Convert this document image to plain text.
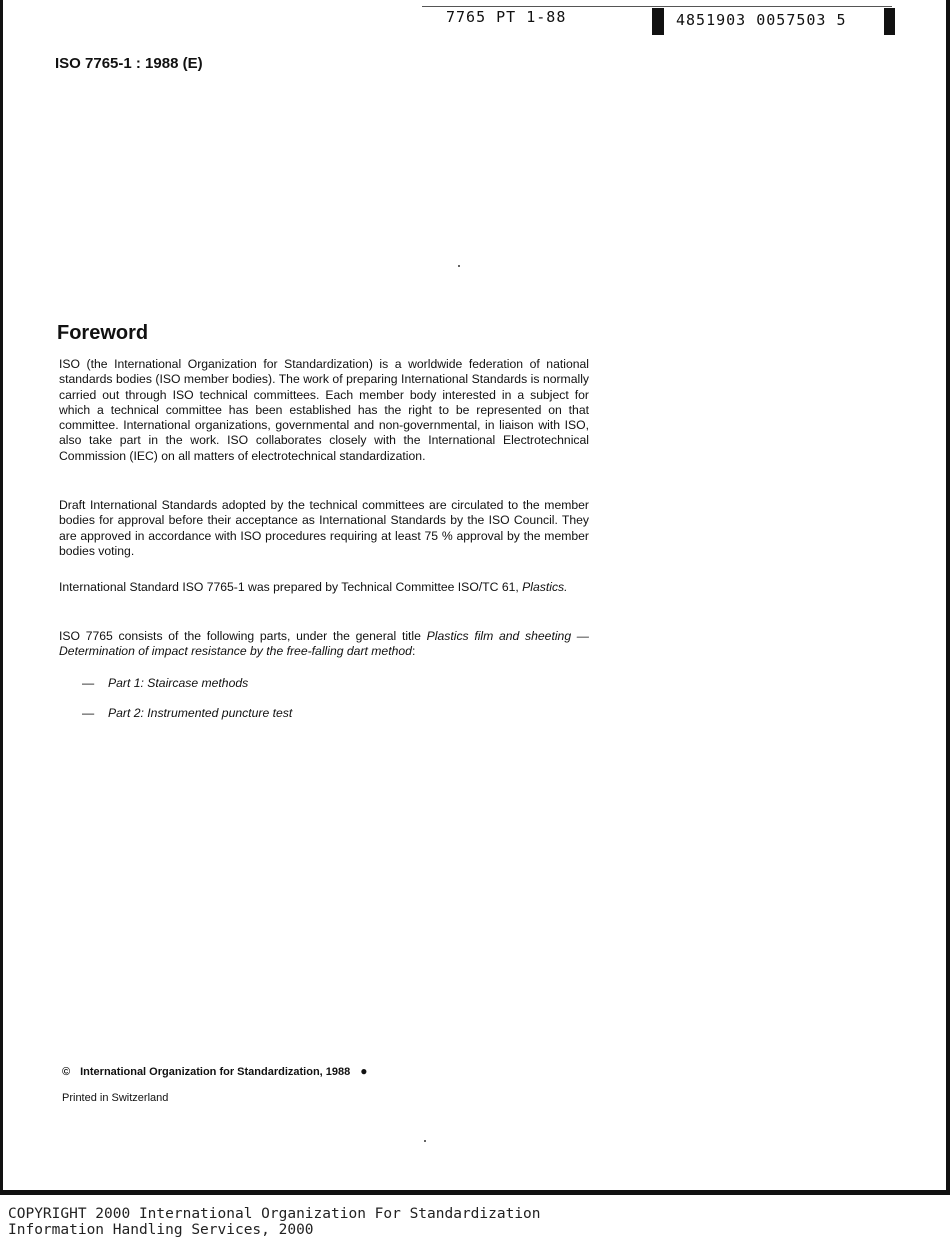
7765 PT 1-88	4851903 0057503 5
ISO 7765-1 : 1988 (E)
Foreword

ISO (the International Organization for Standardization) is a worldwide federation of national standards bodies (ISO member bodies). The work of preparing International Standards is normally carried out through ISO technical committees. Each member body interested in a subject for which a technical committee has been established has the right to be represented on that committee. International organizations, governmental and non-governmental, in liaison with ISO, also take part in the work. ISO collaborates closely with the International Electrotechnical Commission (IEC) on all matters of electrotechnical standardization.

Draft International Standards adopted by the technical committees are circulated to the member bodies for approval before their acceptance as International Standards by the ISO Council. They are approved in accordance with ISO procedures requiring at least 75 % approval by the member bodies voting.

International Standard ISO 7765-1 was prepared by Technical Committee ISO/TC 61, Plastics.

ISO 7765 consists of the following parts, under the general title Plastics film and sheeting — Determination of impact resistance by the free-falling dart method:

— Part 1: Staircase methods
— Part 2: Instrumented puncture test
© International Organization for Standardization, 1988 ●
Printed in Switzerland
COPYRIGHT 2000 International Organization For Standardization
Information Handling Services, 2000
